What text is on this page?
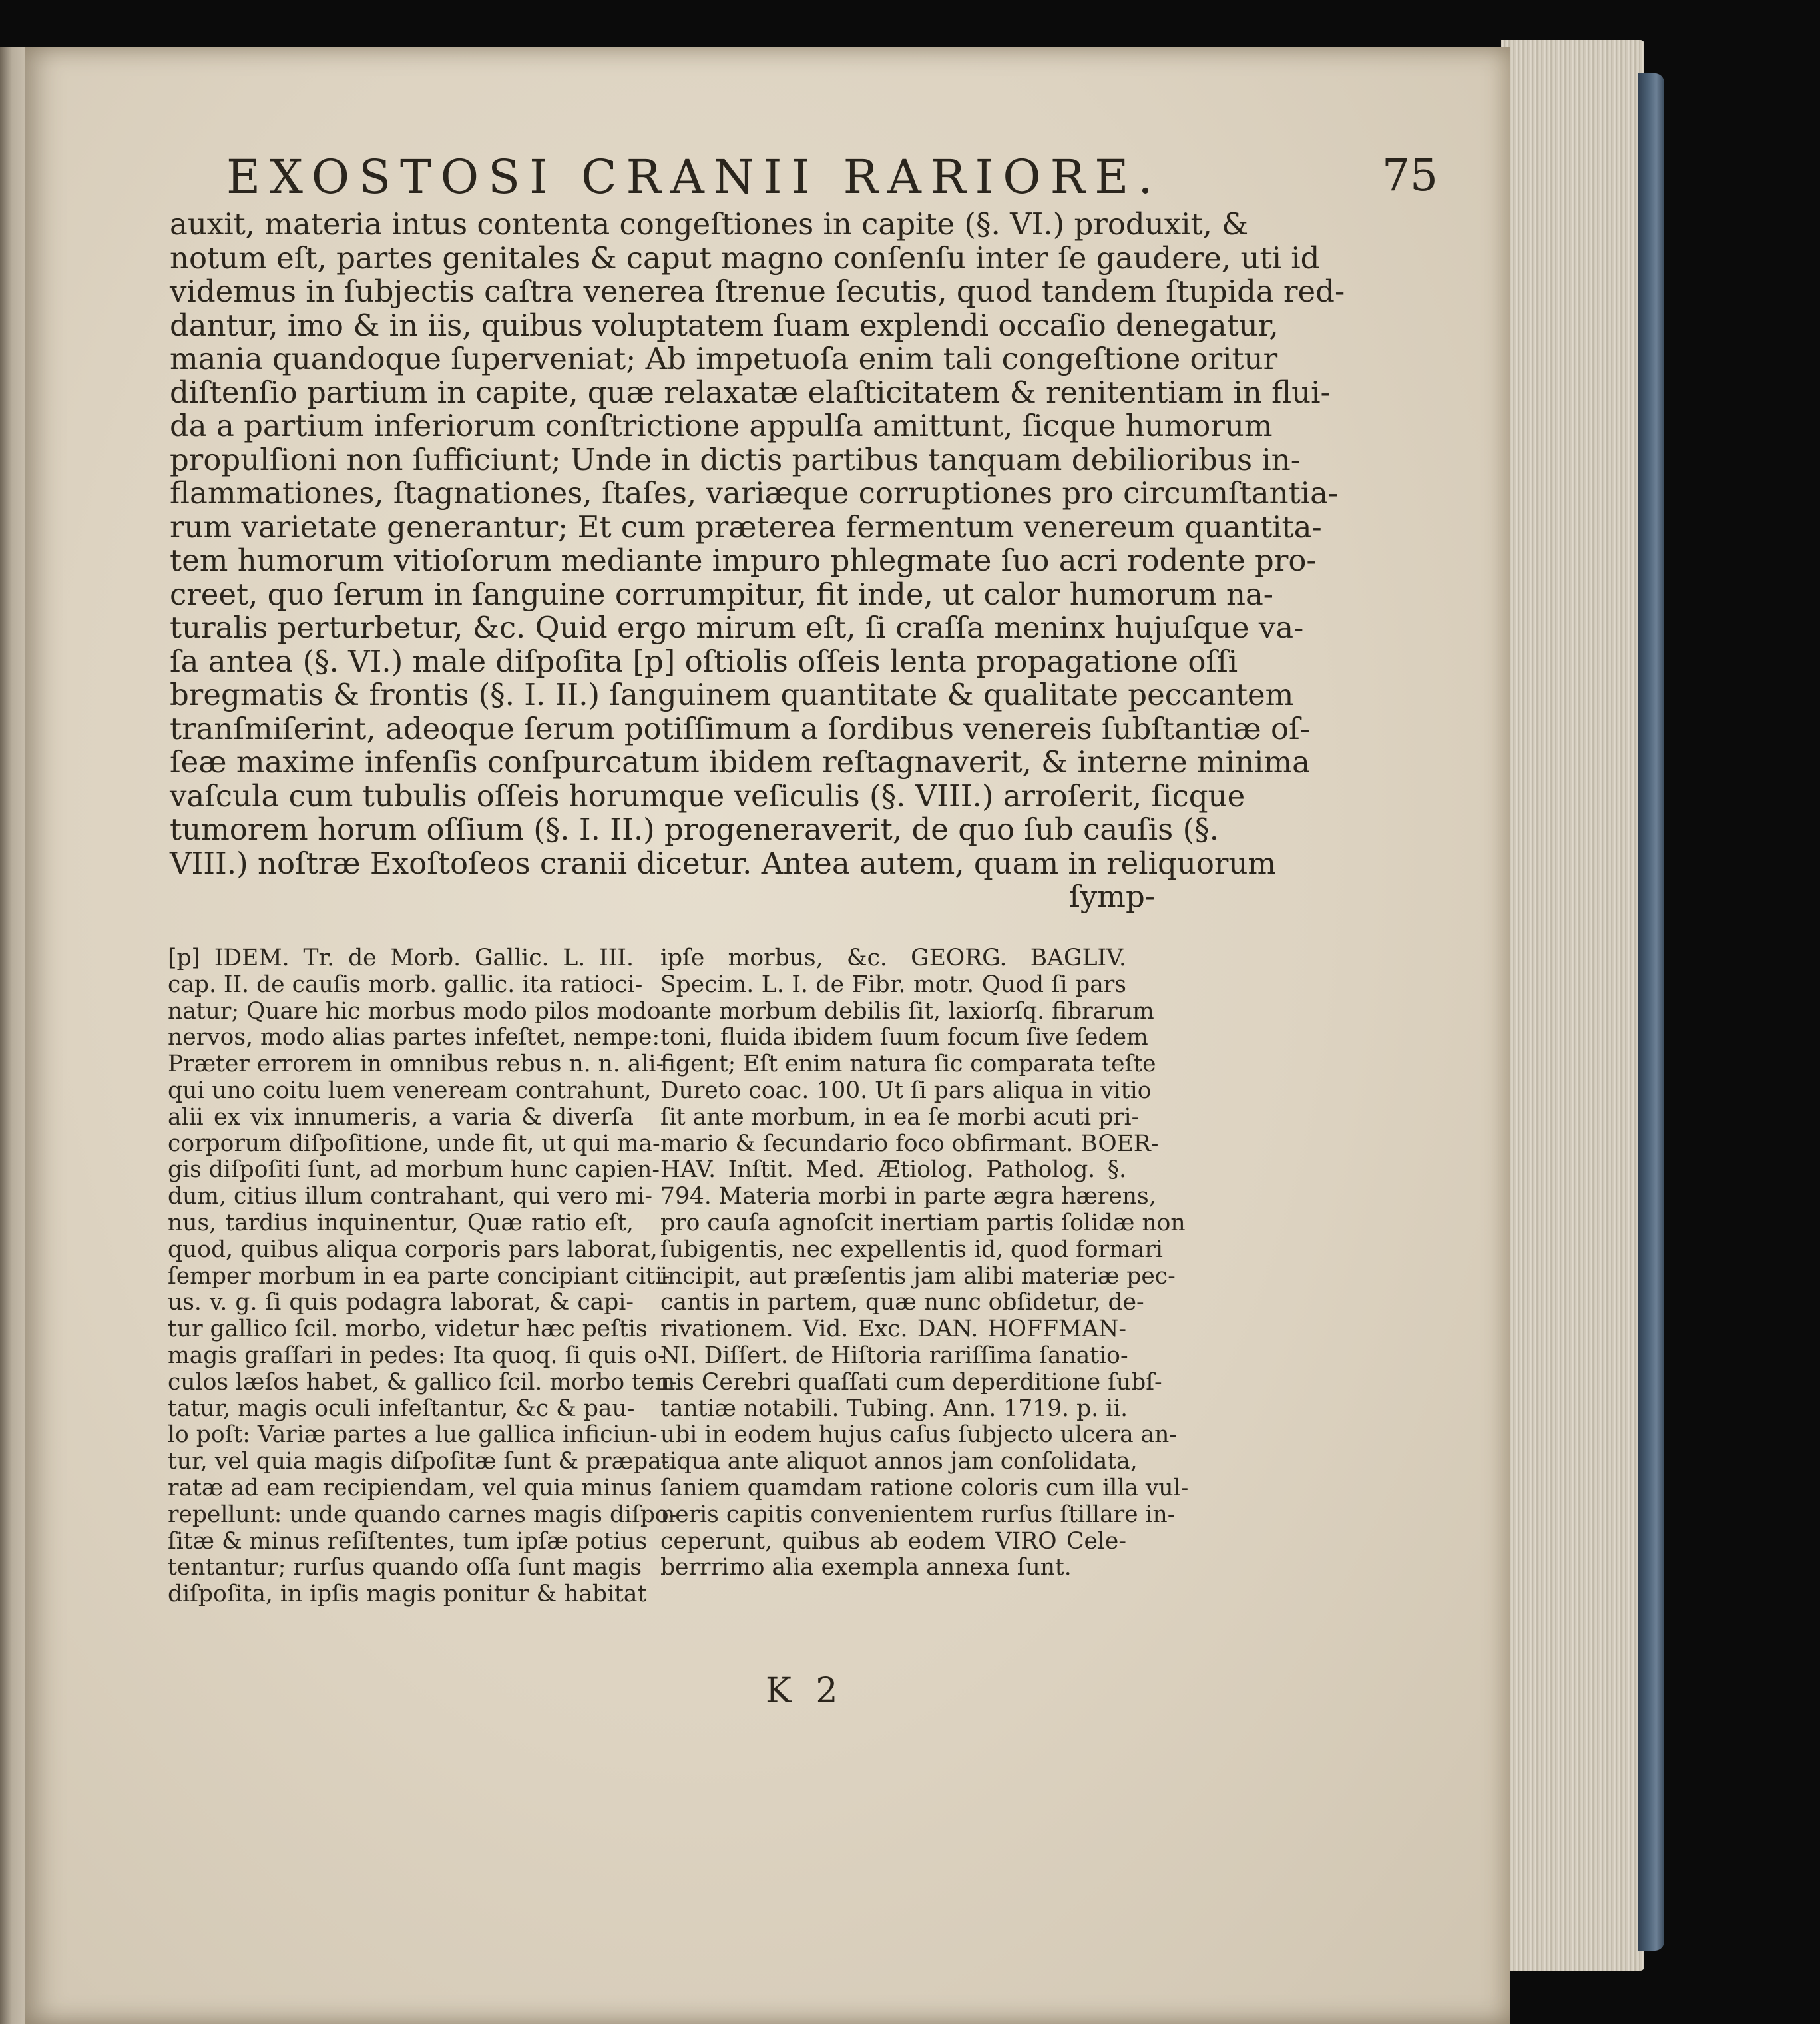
EXOSTOSI CRANII RARIORE.	75
auxit, materia intus contenta congeſtiones in capite (§. VI.) produxit, &
notum eſt, partes genitales & caput magno conſenſu inter ſe gaudere, uti id
videmus in ſubjectis caſtra venerea ſtrenue ſecutis, quod tandem ſtupida red-
dantur, imo & in iis, quibus voluptatem ſuam explendi occaſio denegatur,
mania quandoque ſuperveniat; Ab impetuoſa enim tali congeſtione oritur
diſtenſio partium in capite, quæ relaxatæ elaſticitatem & renitentiam in flui-
da a partium inferiorum conſtrictione appulſa amittunt, ſicque humorum
propulſioni non ſufficiunt; Unde in dictis partibus tanquam debilioribus in-
flammationes, ſtagnationes, ſtaſes, variæque corruptiones pro circumſtantia-
rum varietate generantur; Et cum præterea fermentum venereum quantita-
tem humorum vitioſorum mediante impuro phlegmate ſuo acri rodente pro-
creet, quo ſerum in ſanguine corrumpitur, fit inde, ut calor humorum na-
turalis perturbetur, &c. Quid ergo mirum eſt, ſi craſſa meninx hujuſque va-
ſa antea (§. VI.) male diſpoſita [p] oſtiolis oſſeis lenta propagatione oſſi
bregmatis & frontis (§. I. II.) ſanguinem quantitate & qualitate peccantem
tranſmiſerint, adeoque ſerum potiſſimum a ſordibus venereis ſubſtantiæ oſ-
ſeæ maxime infenſis conſpurcatum ibidem reſtagnaverit, & interne minima
vaſcula cum tubulis oſſeis horumque veſiculis (§. VIII.) arroſerit, ſicque
tumorem horum oſſium (§. I. II.) progeneraverit, de quo ſub cauſis (§.
VIII.) noſtræ Exoſtoſeos cranii dicetur. Antea autem, quam in reliquorum
ſymp-
[p] IDEM. Tr. de Morb. Gallic. L. III.
cap. II. de cauſis morb. gallic. ita ratioci-
natur; Quare hic morbus modo pilos modo
nervos, modo alias partes infeſtet, nempe:
Præter errorem in omnibus rebus n. n. ali-
qui uno coitu luem veneream contrahunt,
alii ex vix innumeris, a varia & diverſa
corporum diſpoſitione, unde fit, ut qui ma-
gis diſpoſiti ſunt, ad morbum hunc capien-
dum, citius illum contrahant, qui vero mi-
nus, tardius inquinentur, Quæ ratio eſt,
quod, quibus aliqua corporis pars laborat,
ſemper morbum in ea parte concipiant citi-
us. v. g. ſi quis podagra laborat, & capi-
tur gallico ſcil. morbo, videtur hæc peſtis
magis graſſari in pedes: Ita quoq. ſi quis o-
culos læſos habet, & gallico ſcil. morbo ten-
tatur, magis oculi infeſtantur, &c & pau-
lo poſt: Variæ partes a lue gallica inficiun-
tur, vel quia magis diſpoſitæ ſunt & præpa-
ratæ ad eam recipiendam, vel quia minus
repellunt: unde quando carnes magis diſpo-
ſitæ & minus reſiſtentes, tum ipſæ potius
tentantur; rurſus quando oſſa ſunt magis
diſpoſita, in ipſis magis ponitur & habitat
ipſe morbus, &c. GEORG. BAGLIV.
Specim. L. I. de Fibr. motr. Quod ſi pars
ante morbum debilis ſit, laxiorſq. fibrarum
toni, fluida ibidem ſuum focum ſive ſedem
figent; Eſt enim natura ſic comparata teſte
Dureto coac. 100. Ut ſi pars aliqua in vitio
ſit ante morbum, in ea ſe morbi acuti pri-
mario & ſecundario foco obfirmant. BOER-
HAV. Inſtit. Med. Ætiolog. Patholog. §.
794. Materia morbi in parte ægra hærens,
pro cauſa agnoſcit inertiam partis ſolidæ non
ſubigentis, nec expellentis id, quod formari
incipit, aut præſentis jam alibi materiæ pec-
cantis in partem, quæ nunc obſidetur, de-
rivationem. Vid. Exc. DAN. HOFFMAN-
NI. Diſſert. de Hiſtoria rariſſima ſanatio-
nis Cerebri quaſſati cum deperditione ſubſ-
tantiæ notabili. Tubing. Ann. 1719. p. ii.
ubi in eodem hujus caſus ſubjecto ulcera an-
tiqua ante aliquot annos jam conſolidata,
ſaniem quamdam ratione coloris cum illa vul-
neris capitis convenientem rurſus ſtillare in-
ceperunt, quibus ab eodem VIRO Cele-
berrrimo alia exempla annexa ſunt.
K 2
